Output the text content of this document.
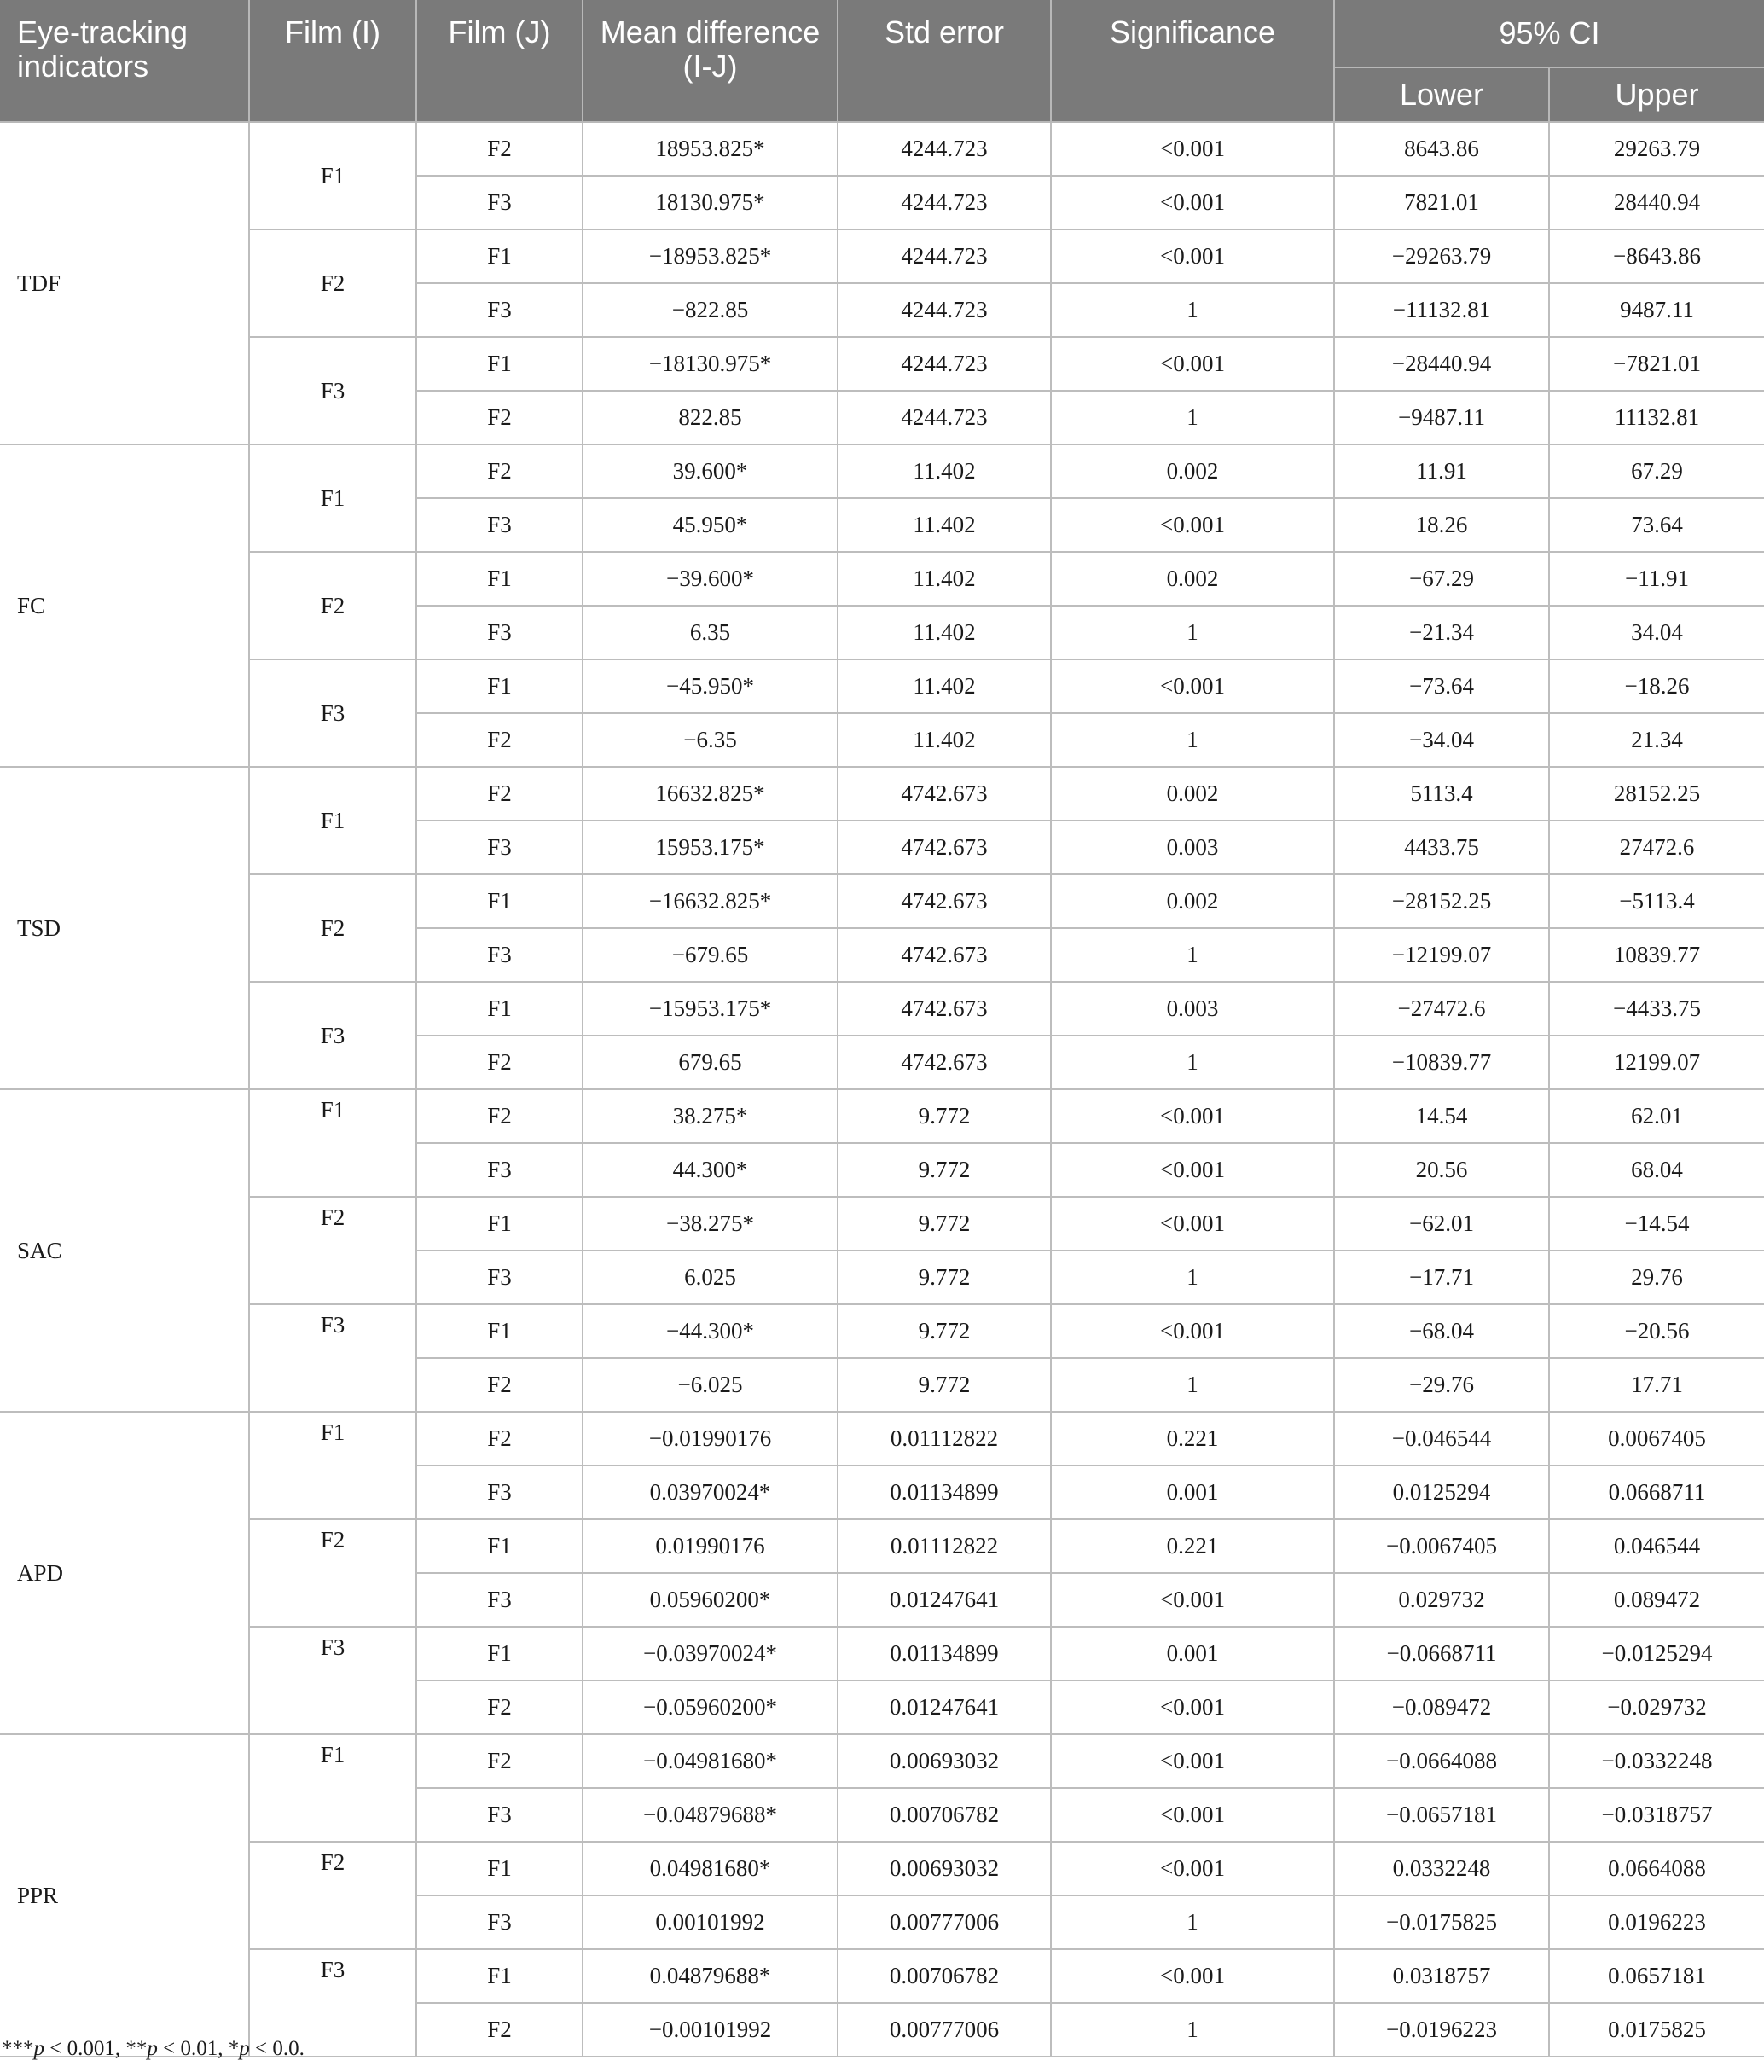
Eye-tracking indicators	Film (I)	Film (J)	Mean difference (I-J)	Std error	Significance	95% CI	
						Lower	Upper
TDF	F1	F2	18953.825*	4244.723	<0.001	8643.86	29263.79
		F3	18130.975*	4244.723	<0.001	7821.01	28440.94
	F2	F1	−18953.825*	4244.723	<0.001	−29263.79	−8643.86
		F3	−822.85	4244.723	1	−11132.81	9487.11
	F3	F1	−18130.975*	4244.723	<0.001	−28440.94	−7821.01
		F2	822.85	4244.723	1	−9487.11	11132.81
FC	F1	F2	39.600*	11.402	0.002	11.91	67.29
		F3	45.950*	11.402	<0.001	18.26	73.64
	F2	F1	−39.600*	11.402	0.002	−67.29	−11.91
		F3	6.35	11.402	1	−21.34	34.04
	F3	F1	−45.950*	11.402	<0.001	−73.64	−18.26
		F2	−6.35	11.402	1	−34.04	21.34
TSD	F1	F2	16632.825*	4742.673	0.002	5113.4	28152.25
		F3	15953.175*	4742.673	0.003	4433.75	27472.6
	F2	F1	−16632.825*	4742.673	0.002	−28152.25	−5113.4
		F3	−679.65	4742.673	1	−12199.07	10839.77
	F3	F1	−15953.175*	4742.673	0.003	−27472.6	−4433.75
		F2	679.65	4742.673	1	−10839.77	12199.07
SAC	F1	F2	38.275*	9.772	<0.001	14.54	62.01
		F3	44.300*	9.772	<0.001	20.56	68.04
	F2	F1	−38.275*	9.772	<0.001	−62.01	−14.54
		F3	6.025	9.772	1	−17.71	29.76
	F3	F1	−44.300*	9.772	<0.001	−68.04	−20.56
		F2	−6.025	9.772	1	−29.76	17.71
APD	F1	F2	−0.01990176	0.01112822	0.221	−0.046544	0.0067405
		F3	0.03970024*	0.01134899	0.001	0.0125294	0.0668711
	F2	F1	0.01990176	0.01112822	0.221	−0.0067405	0.046544
		F3	0.05960200*	0.01247641	<0.001	0.029732	0.089472
	F3	F1	−0.03970024*	0.01134899	0.001	−0.0668711	−0.0125294
		F2	−0.05960200*	0.01247641	<0.001	−0.089472	−0.029732
PPR	F1	F2	−0.04981680*	0.00693032	<0.001	−0.0664088	−0.0332248
		F3	−0.04879688*	0.00706782	<0.001	−0.0657181	−0.0318757
	F2	F1	0.04981680*	0.00693032	<0.001	0.0332248	0.0664088
		F3	0.00101992	0.00777006	1	−0.0175825	0.0196223
	F3	F1	0.04879688*	0.00706782	<0.001	0.0318757	0.0657181
		F2	−0.00101992	0.00777006	1	−0.0196223	0.0175825
***p < 0.001, **p < 0.01, *p < 0.0.
